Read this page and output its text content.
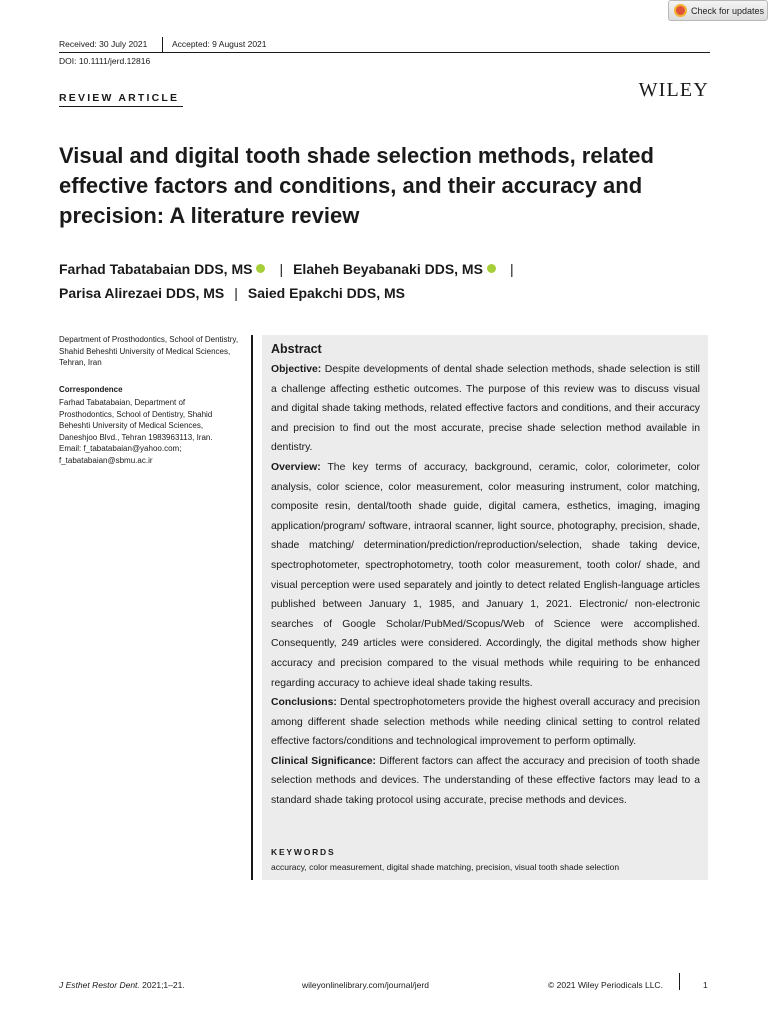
Check for updates
Received: 30 July 2021	Accepted: 9 August 2021
DOI: 10.1111/jerd.12816
REVIEW ARTICLE	WILEY
Visual and digital tooth shade selection methods, related effective factors and conditions, and their accuracy and precision: A literature review
Farhad Tabatabaian DDS, MS | Elaheh Beyabanaki DDS, MS |
Parisa Alirezaei DDS, MS | Saied Epakchi DDS, MS
Department of Prosthodontics, School of Dentistry, Shahid Beheshti University of Medical Sciences, Tehran, Iran
Correspondence
Farhad Tabatabaian, Department of
Prosthodontics, School of Dentistry, Shahid
Beheshti University of Medical Sciences,
Daneshjoo Blvd., Tehran 1983963113, Iran.
Email: f_tabatabaian@yahoo.com;
f_tabatabaian@sbmu.ac.ir
Abstract

Objective: Despite developments of dental shade selection methods, shade selection is still a challenge affecting esthetic outcomes. The purpose of this review was to discuss visual and digital shade taking methods, related effective factors and conditions, and their accuracy and precision to find out the most accurate, precise shade selection method available in dentistry.

Overview: The key terms of accuracy, background, ceramic, color, colorimeter, color analysis, color science, color measurement, color measuring instrument, color matching, composite resin, dental/tooth shade guide, digital camera, esthetics, imaging, imaging application/program/ software, intraoral scanner, light source, photography, precision, shade, shade matching/ determination/prediction/reproduction/selection, shade taking device, spectrophotometer, spectrophotometry, tooth color measurement, tooth color/ shade, and visual perception were used separately and jointly to detect related English-language articles published between January 1, 1985, and January 1, 2021. Electronic/ non-electronic searches of Google Scholar/PubMed/Scopus/Web of Science were accomplished. Consequently, 249 articles were considered. Accordingly, the digital methods show higher accuracy and precision compared to the visual methods while requiring to be enhanced regarding accuracy to achieve ideal shade taking results.

Conclusions: Dental spectrophotometers provide the highest overall accuracy and precision among different shade selection methods while needing clinical setting to control related effective factors/conditions and technological improvement to perform optimally.

Clinical Significance: Different factors can affect the accuracy and precision of tooth shade selection methods and devices. The understanding of these effective factors may lead to a standard shade taking protocol using accurate, precise methods and devices.

KEYWORDS
accuracy, color measurement, digital shade matching, precision, visual tooth shade selection
J Esthet Restor Dent. 2021;1–21.	wileyonlinelibrary.com/journal/jerd	© 2021 Wiley Periodicals LLC.	1
